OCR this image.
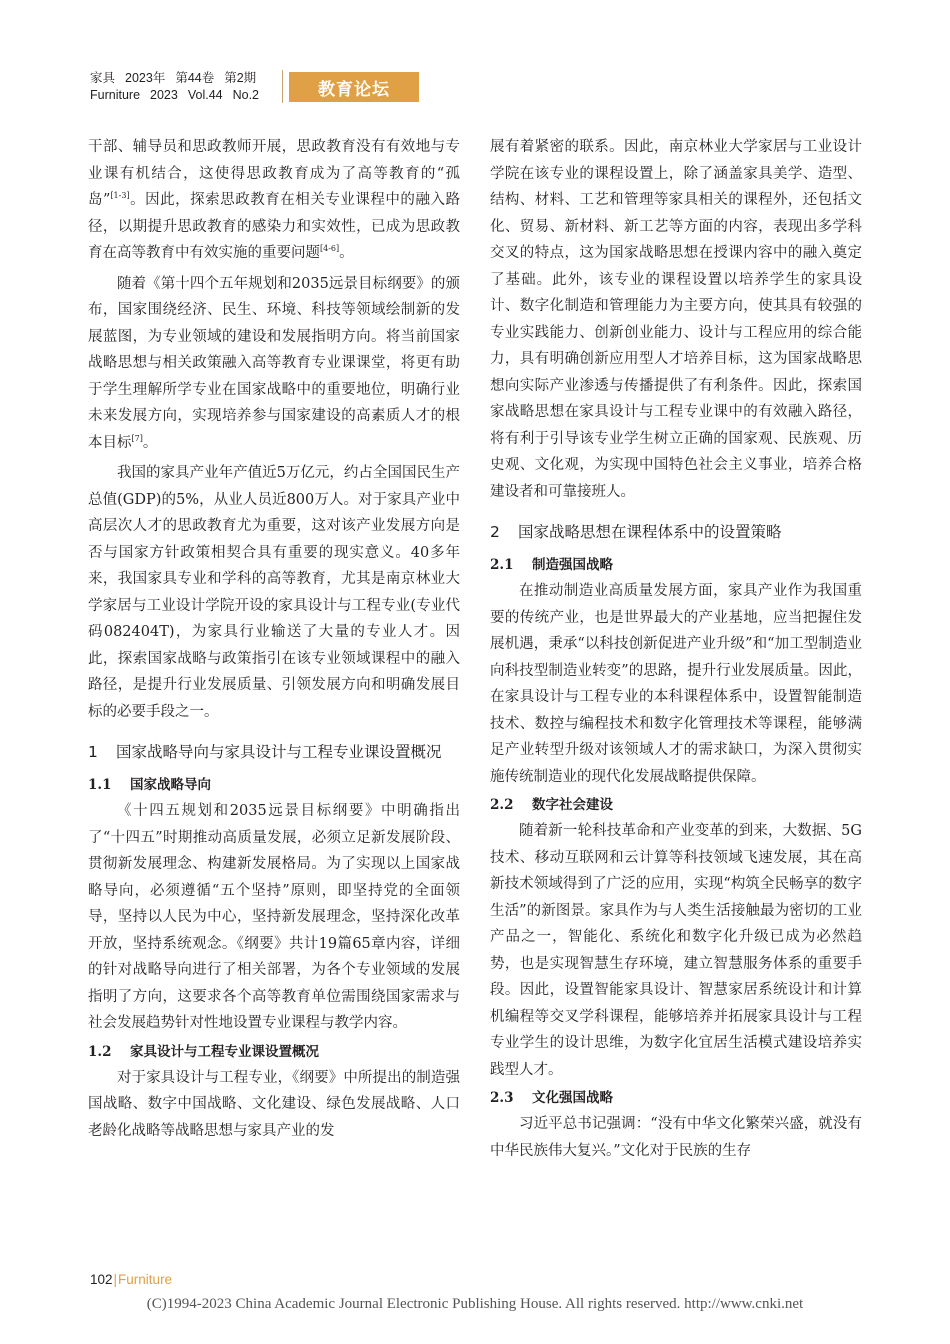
家具 2023年 第44卷 第2期
Furniture 2023 Vol.44 No.2	教育论坛

干部、辅导员和思政教师开展，思政教育没有有效地与专业课有机结合，这使得思政教育成为了高等教育的“孤岛”[1-3]。因此，探索思政教育在相关专业课程中的融入路径，以期提升思政教育的感染力和实效性，已成为思政教育在高等教育中有效实施的重要问题[4-6]。

随着《第十四个五年规划和2035远景目标纲要》的颁布，国家围绕经济、民生、环境、科技等领域绘制新的发展蓝图，为专业领域的建设和发展指明方向。将当前国家战略思想与相关政策融入高等教育专业课课堂，将更有助于学生理解所学专业在国家战略中的重要地位，明确行业未来发展方向，实现培养参与国家建设的高素质人才的根本目标[7]。

我国的家具产业年产值近5万亿元，约占全国国民生产总值(GDP)的5%，从业人员近800万人。对于家具产业中高层次人才的思政教育尤为重要，这对该产业发展方向是否与国家方针政策相契合具有重要的现实意义。40多年来，我国家具专业和学科的高等教育，尤其是南京林业大学家居与工业设计学院开设的家具设计与工程专业(专业代码082404T)，为家具行业输送了大量的专业人才。因此，探索国家战略与政策指引在该专业领域课程中的融入路径，是提升行业发展质量、引领发展方向和明确发展目标的必要手段之一。

1 国家战略导向与家具设计与工程专业课设置概况
1.1 国家战略导向

《十四五规划和2035远景目标纲要》中明确指出了“十四五”时期推动高质量发展，必须立足新发展阶段、贯彻新发展理念、构建新发展格局。为了实现以上国家战略导向，必须遵循“五个坚持”原则，即坚持党的全面领导，坚持以人民为中心，坚持新发展理念，坚持深化改革开放，坚持系统观念。《纲要》共计19篇65章内容，详细的针对战略导向进行了相关部署，为各个专业领域的发展指明了方向，这要求各个高等教育单位需围绕国家需求与社会发展趋势针对性地设置专业课程与教学内容。

1.2 家具设计与工程专业课设置概况

对于家具设计与工程专业，《纲要》中所提出的制造强国战略、数字中国战略、文化建设、绿色发展战略、人口老龄化战略等战略思想与家具产业的发

展有着紧密的联系。因此，南京林业大学家居与工业设计学院在该专业的课程设置上，除了涵盖家具美学、造型、结构、材料、工艺和管理等家具相关的课程外，还包括文化、贸易、新材料、新工艺等方面的内容，表现出多学科交叉的特点，这为国家战略思想在授课内容中的融入奠定了基础。此外，该专业的课程设置以培养学生的家具设计、数字化制造和管理能力为主要方向，使其具有较强的专业实践能力、创新创业能力、设计与工程应用的综合能力，具有明确创新应用型人才培养目标，这为国家战略思想向实际产业渗透与传播提供了有利条件。因此，探索国家战略思想在家具设计与工程专业课中的有效融入路径，将有利于引导该专业学生树立正确的国家观、民族观、历史观、文化观，为实现中国特色社会主义事业，培养合格建设者和可靠接班人。

2 国家战略思想在课程体系中的设置策略
2.1 制造强国战略

在推动制造业高质量发展方面，家具产业作为我国重要的传统产业，也是世界最大的产业基地，应当把握住发展机遇，秉承“以科技创新促进产业升级”和“加工型制造业向科技型制造业转变”的思路，提升行业发展质量。因此，在家具设计与工程专业的本科课程体系中，设置智能制造技术、数控与编程技术和数字化管理技术等课程，能够满足产业转型升级对该领域人才的需求缺口，为深入贯彻实施传统制造业的现代化发展战略提供保障。

2.2 数字社会建设

随着新一轮科技革命和产业变革的到来，大数据、5G技术、移动互联网和云计算等科技领域飞速发展，其在高新技术领域得到了广泛的应用，实现“构筑全民畅享的数字生活”的新图景。家具作为与人类生活接触最为密切的工业产品之一，智能化、系统化和数字化升级已成为必然趋势，也是实现智慧生存环境，建立智慧服务体系的重要手段。因此，设置智能家具设计、智慧家居系统设计和计算机编程等交叉学科课程，能够培养并拓展家具设计与工程专业学生的设计思维，为数字化宜居生活模式建设培养实践型人才。

2.3 文化强国战略

习近平总书记强调：“没有中华文化繁荣兴盛，就没有中华民族伟大复兴。”文化对于民族的生存

102|Furniture
(C)1994-2023 China Academic Journal Electronic Publishing House. All rights reserved. http://www.cnki.net
